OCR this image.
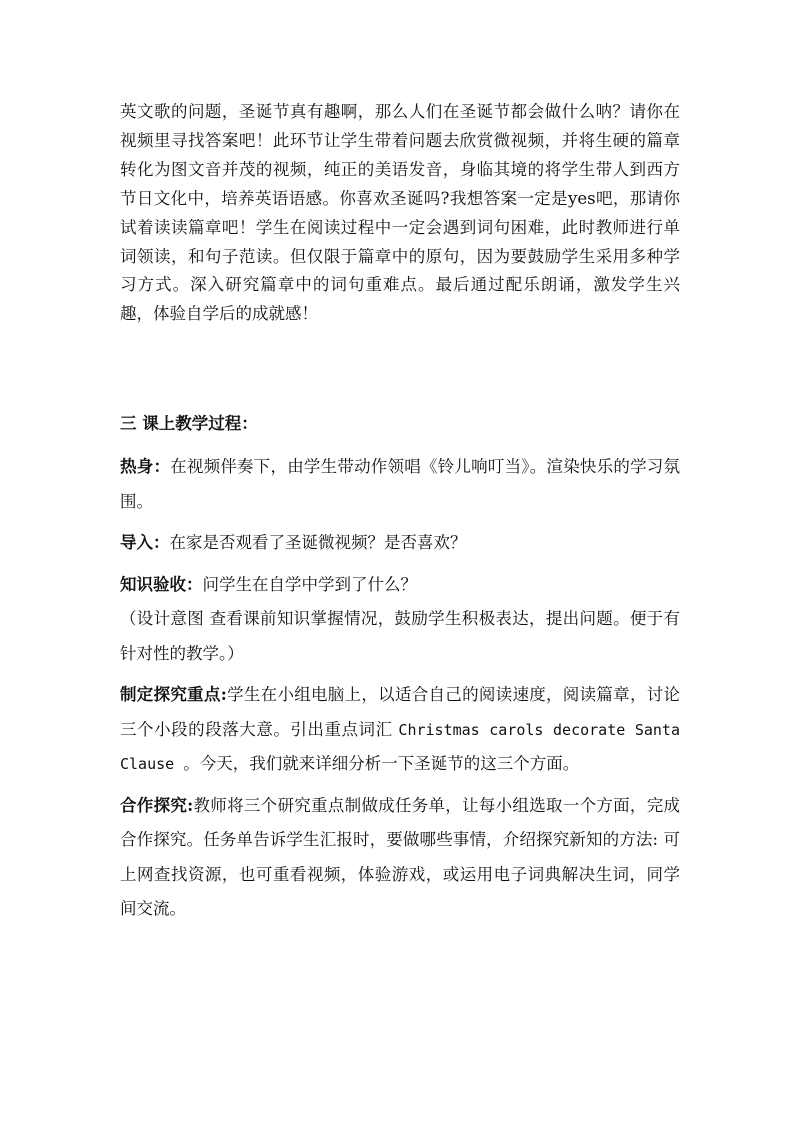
英文歌的问题，圣诞节真有趣啊，那么人们在圣诞节都会做什么呐？请你在视频里寻找答案吧！此环节让学生带着问题去欣赏微视频，并将生硬的篇章转化为图文音并茂的视频，纯正的美语发音，身临其境的将学生带人到西方节日文化中，培养英语语感。你喜欢圣诞吗?我想答案一定是yes吧，那请你试着读读篇章吧！学生在阅读过程中一定会遇到词句困难，此时教师进行单词领读，和句子范读。但仅限于篇章中的原句，因为要鼓励学生采用多种学习方式。深入研究篇章中的词句重难点。最后通过配乐朗诵，激发学生兴趣，体验自学后的成就感！

三 课上教学过程：

热身：在视频伴奏下，由学生带动作领唱《铃儿响叮当》。渲染快乐的学习氛围。

导入：在家是否观看了圣诞微视频？是否喜欢？

知识验收：问学生在自学中学到了什么？

（设计意图 查看课前知识掌握情况，鼓励学生积极表达，提出问题。便于有针对性的教学。）

制定探究重点:学生在小组电脑上，以适合自己的阅读速度，阅读篇章，讨论三个小段的段落大意。引出重点词汇 Christmas carols decorate Santa Clause 。今天，我们就来详细分析一下圣诞节的这三个方面。

合作探究:教师将三个研究重点制做成任务单，让每小组选取一个方面，完成合作探究。任务单告诉学生汇报时，要做哪些事情，介绍探究新知的方法: 可上网查找资源，也可重看视频，体验游戏，或运用电子词典解决生词，同学间交流。
